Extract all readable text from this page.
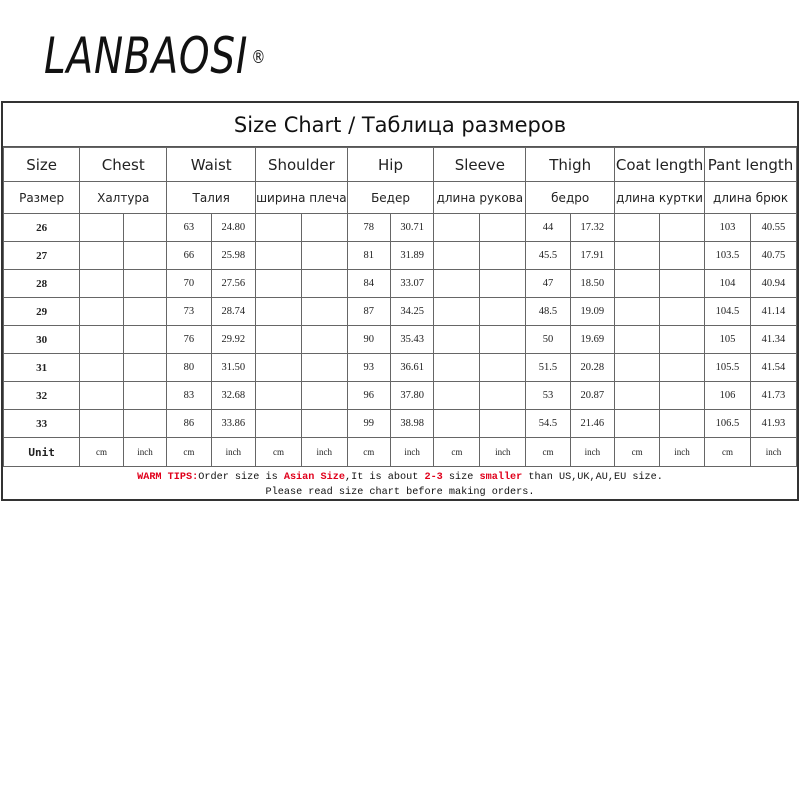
LANBAOSI ®
Size Chart / Таблица размеров
Size	Chest		Waist		Shoulder		Hip		Sleeve		Thigh		Coat length		Pant length	
Размер	Халтура		Талия		ширина плеча		Бедер		длина рукова		бедро		длина куртки		длина брюк	
26			63	24.80			78	30.71			44	17.32			103	40.55
27			66	25.98			81	31.89			45.5	17.91			103.5	40.75
28			70	27.56			84	33.07			47	18.50			104	40.94
29			73	28.74			87	34.25			48.5	19.09			104.5	41.14
30			76	29.92			90	35.43			50	19.69			105	41.34
31			80	31.50			93	36.61			51.5	20.28			105.5	41.54
32			83	32.68			96	37.80			53	20.87			106	41.73
33			86	33.86			99	38.98			54.5	21.46			106.5	41.93
Unit	cm	inch	cm	inch	cm	inch	cm	inch	cm	inch	cm	inch	cm	inch	cm	inch
WARM TIPS:Order size is Asian Size,It is about 2-3 size smaller than US,UK,AU,EU size.
Please read size chart before making orders.
